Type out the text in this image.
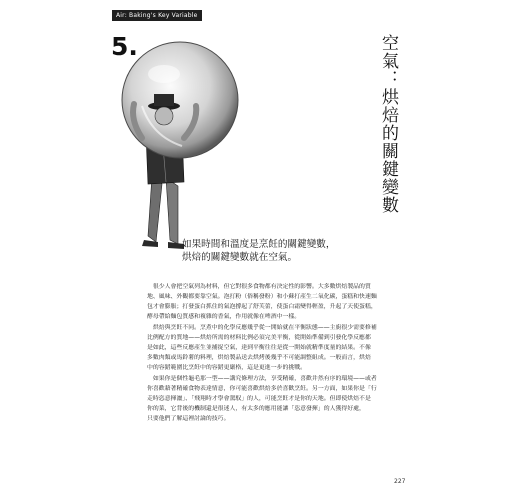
Air: Baking's Key Variable
5.	空氣：烘焙的關鍵變數
如果時間和溫度是烹飪的關鍵變數，
烘焙的關鍵變數就在空氣。
　很少人會把空氣列為材料，但它對很多食物都有決定性的影響。大多數烘焙製品的質
地、風味、外觀都要靠空氣。泡打粉（俗稱發粉）和小蘇打產生二氧化碳，蛋糕和快速麵
包才會膨脹；打發蛋白抓住的氣泡撐起了舒芙蕾，使蛋白霜變得輕盈，升起了天使蛋糕，
酵母帶給麵包質感和複雜的香氣，作用就像在啤酒中一樣。
　烘焙與烹飪不同。烹煮中的化學反應幾乎從一開始就在平衡狀態——主廚很少需要修補
比例配方的質地——烘焙所需的材料比例必須完美平衡，從開始準備到引發化學反應都
是如此，這些反應產生並捕捉空氣，達到平衡往往是從一開始就精準度量的結果。不像
多數肉類或馬鈴薯的料理，烘焙製品送去烘烤後幾乎不可能調整組成。一般而言，烘焙
中的容錯範圍比烹飪中的容錯更嚴格，這是更進一步的挑戰。
　如果你是個性龜毛那一型——講究條理方法，享受精確，喜歡井然有序的環境——或者
你喜歡藉著精確食物表達情意，你可能喜歡烘焙多於喜歡烹飪。另一方面，如果你是「行
走時恣意揮灑」、「飛翔時才學會駕馭」的人，可能烹飪才是你的天地。但即使烘焙不是
你的菜，它背後的機制還是很迷人，有太多的應用能讓「恣意發揮」的人獲得好處，
只要他們了解這裡討論的技巧。
227
